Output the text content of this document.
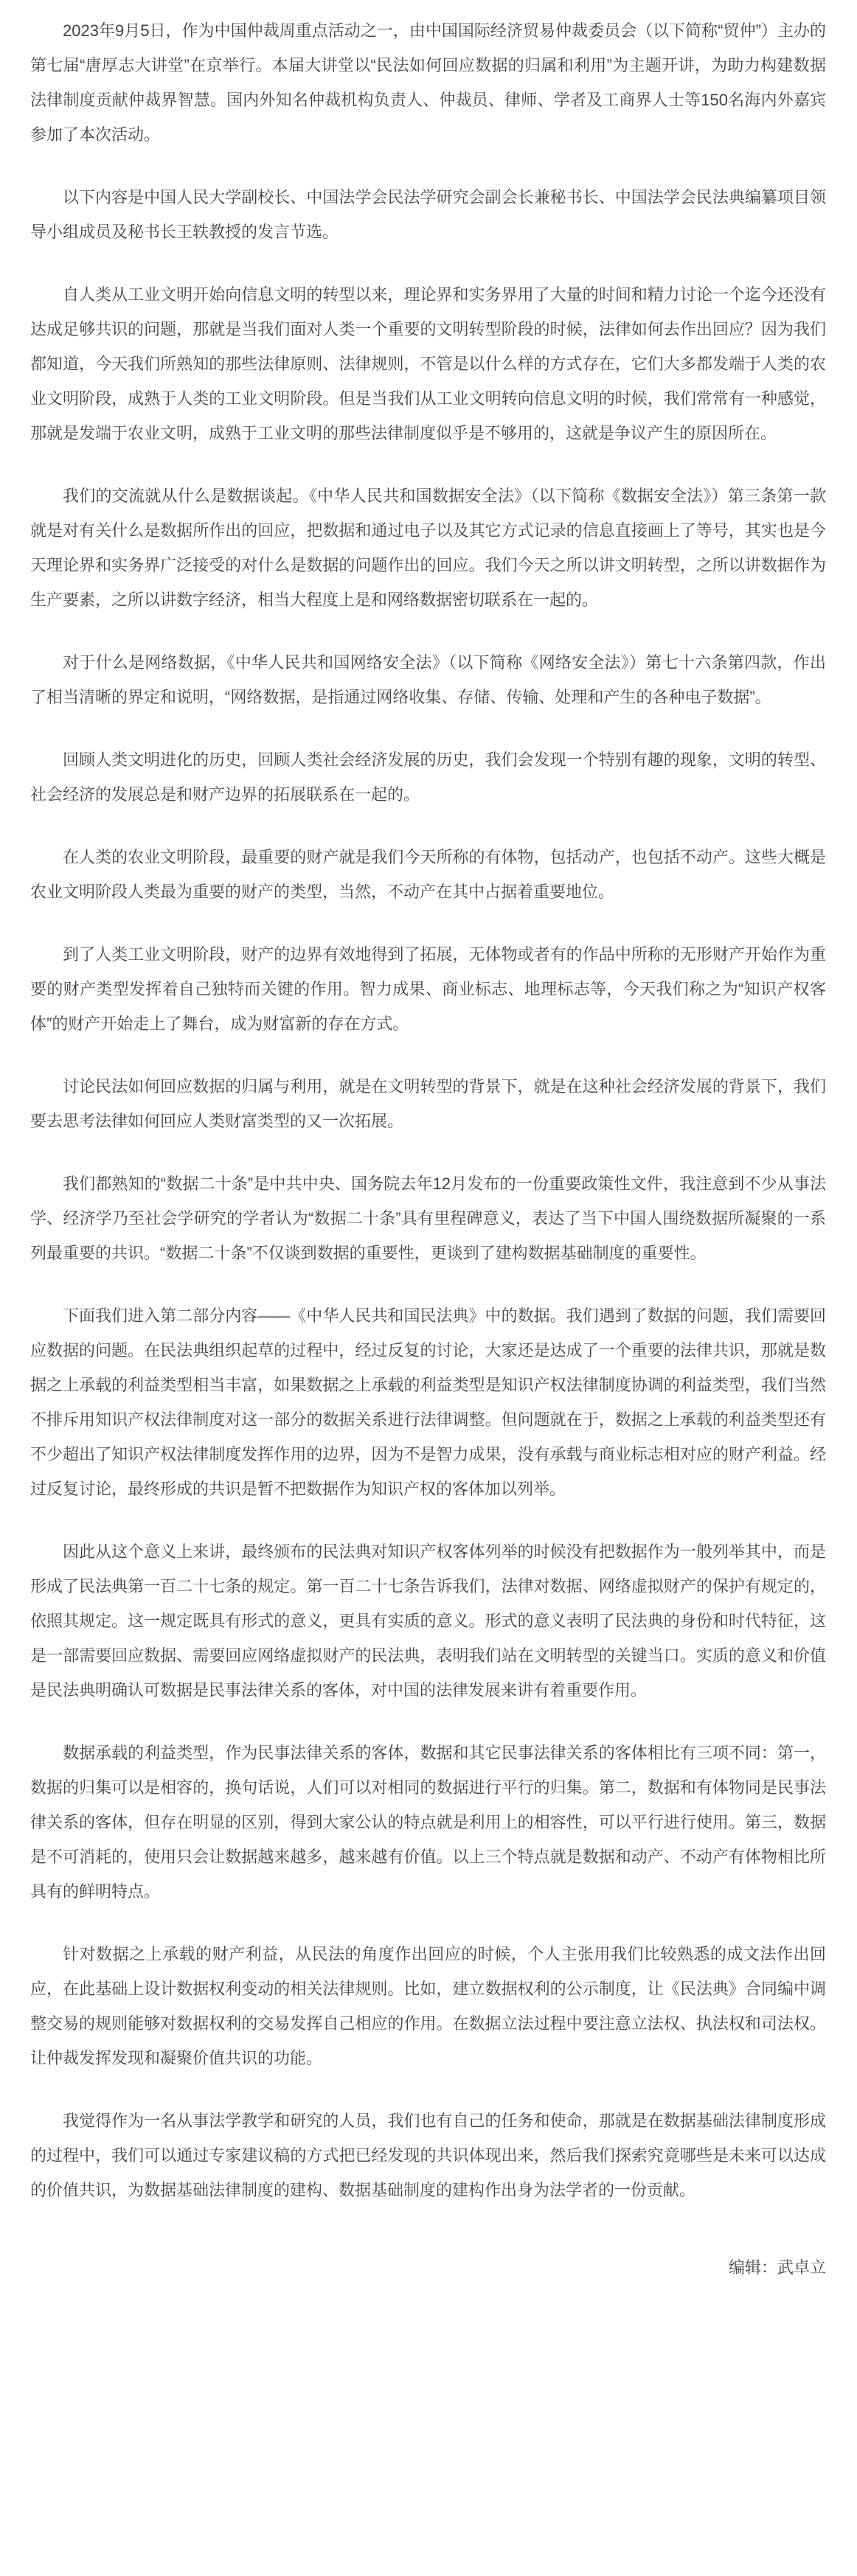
2023年9月5日，作为中国仲裁周重点活动之一，由中国国际经济贸易仲裁委员会（以下简称“贸仲”）主办的第七届“唐厚志大讲堂”在京举行。本届大讲堂以“民法如何回应数据的归属和利用”为主题开讲，为助力构建数据法律制度贡献仲裁界智慧。国内外知名仲裁机构负责人、仲裁员、律师、学者及工商界人士等150名海内外嘉宾参加了本次活动。

以下内容是中国人民大学副校长、中国法学会民法学研究会副会长兼秘书长、中国法学会民法典编纂项目领导小组成员及秘书长王轶教授的发言节选。

自人类从工业文明开始向信息文明的转型以来，理论界和实务界用了大量的时间和精力讨论一个迄今还没有达成足够共识的问题，那就是当我们面对人类一个重要的文明转型阶段的时候，法律如何去作出回应？因为我们都知道，今天我们所熟知的那些法律原则、法律规则，不管是以什么样的方式存在，它们大多都发端于人类的农业文明阶段，成熟于人类的工业文明阶段。但是当我们从工业文明转向信息文明的时候，我们常常有一种感觉，那就是发端于农业文明，成熟于工业文明的那些法律制度似乎是不够用的，这就是争议产生的原因所在。

我们的交流就从什么是数据谈起。《中华人民共和国数据安全法》（以下简称《数据安全法》）第三条第一款就是对有关什么是数据所作出的回应，把数据和通过电子以及其它方式记录的信息直接画上了等号，其实也是今天理论界和实务界广泛接受的对什么是数据的问题作出的回应。我们今天之所以讲文明转型，之所以讲数据作为生产要素，之所以讲数字经济，相当大程度上是和网络数据密切联系在一起的。

对于什么是网络数据，《中华人民共和国网络安全法》（以下简称《网络安全法》）第七十六条第四款，作出了相当清晰的界定和说明，“网络数据，是指通过网络收集、存储、传输、处理和产生的各种电子数据”。

回顾人类文明进化的历史，回顾人类社会经济发展的历史，我们会发现一个特别有趣的现象，文明的转型、社会经济的发展总是和财产边界的拓展联系在一起的。

在人类的农业文明阶段，最重要的财产就是我们今天所称的有体物，包括动产，也包括不动产。这些大概是农业文明阶段人类最为重要的财产的类型，当然，不动产在其中占据着重要地位。

到了人类工业文明阶段，财产的边界有效地得到了拓展，无体物或者有的作品中所称的无形财产开始作为重要的财产类型发挥着自己独特而关键的作用。智力成果、商业标志、地理标志等，今天我们称之为“知识产权客体”的财产开始走上了舞台，成为财富新的存在方式。

讨论民法如何回应数据的归属与利用，就是在文明转型的背景下，就是在这种社会经济发展的背景下，我们要去思考法律如何回应人类财富类型的又一次拓展。

我们都熟知的“数据二十条”是中共中央、国务院去年12月发布的一份重要政策性文件，我注意到不少从事法学、经济学乃至社会学研究的学者认为“数据二十条”具有里程碑意义，表达了当下中国人围绕数据所凝聚的一系列最重要的共识。“数据二十条”不仅谈到数据的重要性，更谈到了建构数据基础制度的重要性。

下面我们进入第二部分内容——《中华人民共和国民法典》中的数据。我们遇到了数据的问题，我们需要回应数据的问题。在民法典组织起草的过程中，经过反复的讨论，大家还是达成了一个重要的法律共识，那就是数据之上承载的利益类型相当丰富，如果数据之上承载的利益类型是知识产权法律制度协调的利益类型，我们当然不排斥用知识产权法律制度对这一部分的数据关系进行法律调整。但问题就在于，数据之上承载的利益类型还有不少超出了知识产权法律制度发挥作用的边界，因为不是智力成果，没有承载与商业标志相对应的财产利益。经过反复讨论，最终形成的共识是暂不把数据作为知识产权的客体加以列举。

因此从这个意义上来讲，最终颁布的民法典对知识产权客体列举的时候没有把数据作为一般列举其中，而是形成了民法典第一百二十七条的规定。第一百二十七条告诉我们，法律对数据、网络虚拟财产的保护有规定的，依照其规定。这一规定既具有形式的意义，更具有实质的意义。形式的意义表明了民法典的身份和时代特征，这是一部需要回应数据、需要回应网络虚拟财产的民法典，表明我们站在文明转型的关键当口。实质的意义和价值是民法典明确认可数据是民事法律关系的客体，对中国的法律发展来讲有着重要作用。

数据承载的利益类型，作为民事法律关系的客体，数据和其它民事法律关系的客体相比有三项不同：第一，数据的归集可以是相容的，换句话说，人们可以对相同的数据进行平行的归集。第二，数据和有体物同是民事法律关系的客体，但存在明显的区别，得到大家公认的特点就是利用上的相容性，可以平行进行使用。第三，数据是不可消耗的，使用只会让数据越来越多，越来越有价值。以上三个特点就是数据和动产、不动产有体物相比所具有的鲜明特点。

针对数据之上承载的财产利益，从民法的角度作出回应的时候，个人主张用我们比较熟悉的成文法作出回应，在此基础上设计数据权利变动的相关法律规则。比如，建立数据权利的公示制度，让《民法典》合同编中调整交易的规则能够对数据权利的交易发挥自己相应的作用。在数据立法过程中要注意立法权、执法权和司法权。让仲裁发挥发现和凝聚价值共识的功能。

我觉得作为一名从事法学教学和研究的人员，我们也有自己的任务和使命，那就是在数据基础法律制度形成的过程中，我们可以通过专家建议稿的方式把已经发现的共识体现出来，然后我们探索究竟哪些是未来可以达成的价值共识，为数据基础法律制度的建构、数据基础制度的建构作出身为法学者的一份贡献。

编辑：武卓立
